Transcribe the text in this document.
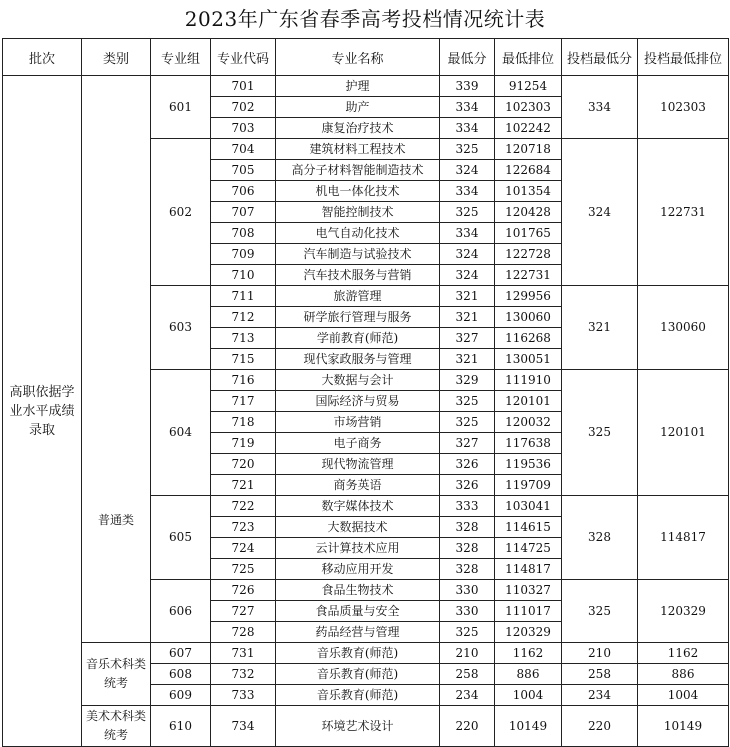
2023年广东省春季高考投档情况统计表
批次	类别	专业组	专业代码	专业名称	最低分	最低排位	投档最低分	投档最低排位
高职依据学业水平成绩录取	普通类	601	701	护理	339	91254	334	102303
			702	助产	334	102303		
			703	康复治疗技术	334	102242		
		602	704	建筑材料工程技术	325	120718	324	122731
			705	高分子材料智能制造技术	324	122684		
			706	机电一体化技术	334	101354		
			707	智能控制技术	325	120428		
			708	电气自动化技术	334	101765		
			709	汽车制造与试验技术	324	122728		
			710	汽车技术服务与营销	324	122731		
		603	711	旅游管理	321	129956	321	130060
			712	研学旅行管理与服务	321	130060		
			713	学前教育(师范)	327	116268		
			715	现代家政服务与管理	321	130051		
		604	716	大数据与会计	329	111910	325	120101
			717	国际经济与贸易	325	120101		
			718	市场营销	325	120032		
			719	电子商务	327	117638		
			720	现代物流管理	326	119536		
			721	商务英语	326	119709		
		605	722	数字媒体技术	333	103041	328	114817
			723	大数据技术	328	114615		
			724	云计算技术应用	328	114725		
			725	移动应用开发	328	114817		
		606	726	食品生物技术	330	110327	325	120329
			727	食品质量与安全	330	111017		
			728	药品经营与管理	325	120329		
	音乐术科类统考	607	731	音乐教育(师范)	210	1162	210	1162
		608	732	音乐教育(师范)	258	886	258	886
		609	733	音乐教育(师范)	234	1004	234	1004
	美术术科类统考	610	734	环境艺术设计	220	10149	220	10149
